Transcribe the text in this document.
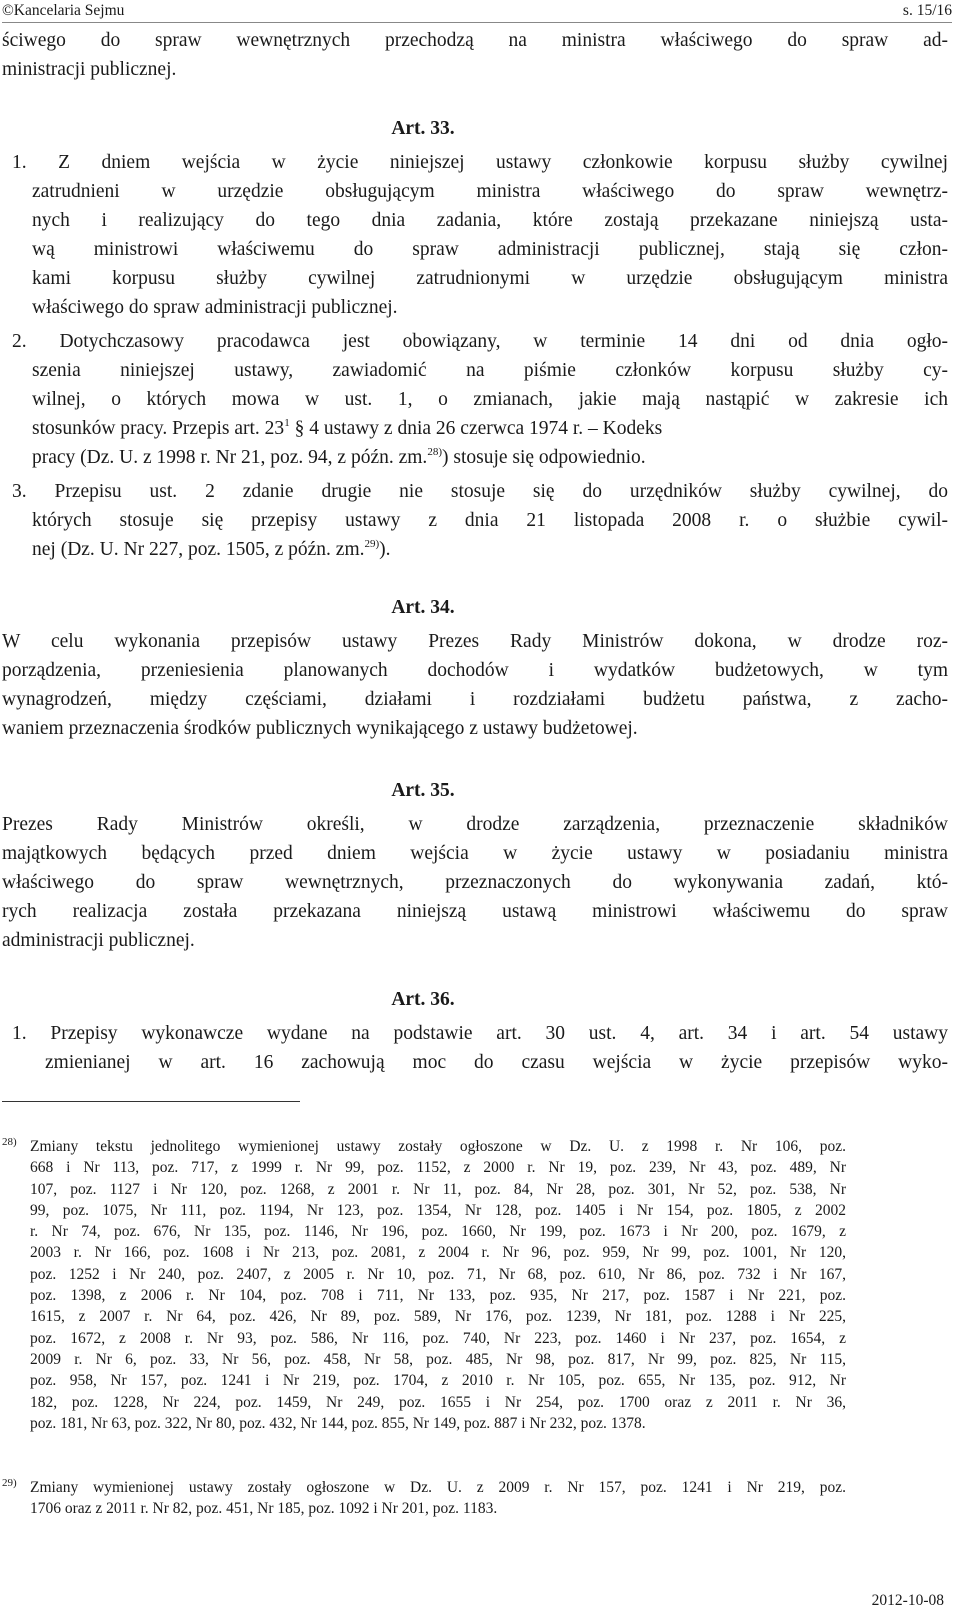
©Kancelaria Sejmu	s. 15/16
ściwego do spraw wewnętrznych przechodzą na ministra właściwego do spraw ad-
ministracji publicznej.
Art. 33.
1. Z dniem wejścia w życie niniejszej ustawy członkowie korpusu służby cywilnej
zatrudnieni w urzędzie obsługującym ministra właściwego do spraw wewnętrz-
nych i realizujący do tego dnia zadania, które zostają przekazane niniejszą usta-
wą ministrowi właściwemu do spraw administracji publicznej, stają się człon-
kami korpusu służby cywilnej zatrudnionymi w urzędzie obsługującym ministra
właściwego do spraw administracji publicznej.
2. Dotychczasowy pracodawca jest obowiązany, w terminie 14 dni od dnia ogło-
szenia niniejszej ustawy, zawiadomić na piśmie członków korpusu służby cy-
wilnej, o których mowa w ust. 1, o zmianach, jakie mają nastąpić w zakresie ich
stosunków pracy. Przepis art. $23^1$ § 4 ustawy z dnia 26 czerwca 1974 r. – Kodeks
pracy (Dz. U. z 1998 r. Nr 21, poz. 94, z późn. zm.$^{28)}$) stosuje się odpowiednio.
3. Przepisu ust. 2 zdanie drugie nie stosuje się do urzędników służby cywilnej, do
których stosuje się przepisy ustawy z dnia 21 listopada 2008 r. o służbie cywil-
nej (Dz. U. Nr 227, poz. 1505, z późn. zm.$^{29)}$).
Art. 34.
W celu wykonania przepisów ustawy Prezes Rady Ministrów dokona, w drodze roz-
porządzenia, przeniesienia planowanych dochodów i wydatków budżetowych, w tym
wynagrodzeń, między częściami, działami i rozdziałami budżetu państwa, z zacho-
waniem przeznaczenia środków publicznych wynikającego z ustawy budżetowej.
Art. 35.
Prezes Rady Ministrów określi, w drodze zarządzenia, przeznaczenie składników
majątkowych będących przed dniem wejścia w życie ustawy w posiadaniu ministra
właściwego do spraw wewnętrznych, przeznaczonych do wykonywania zadań, któ-
rych realizacja została przekazana niniejszą ustawą ministrowi właściwemu do spraw
administracji publicznej.
Art. 36.
1. Przepisy wykonawcze wydane na podstawie art. 30 ust. 4, art. 34 i art. 54 ustawy
zmienianej w art. 16 zachowują moc do czasu wejścia w życie przepisów wyko-
28) Zmiany tekstu jednolitego wymienionej ustawy zostały ogłoszone w Dz. U. z 1998 r. Nr 106, poz.
668 i Nr 113, poz. 717, z 1999 r. Nr 99, poz. 1152, z 2000 r. Nr 19, poz. 239, Nr 43, poz. 489, Nr
107, poz. 1127 i Nr 120, poz. 1268, z 2001 r. Nr 11, poz. 84, Nr 28, poz. 301, Nr 52, poz. 538, Nr
99, poz. 1075, Nr 111, poz. 1194, Nr 123, poz. 1354, Nr 128, poz. 1405 i Nr 154, poz. 1805, z 2002
r. Nr 74, poz. 676, Nr 135, poz. 1146, Nr 196, poz. 1660, Nr 199, poz. 1673 i Nr 200, poz. 1679, z
2003 r. Nr 166, poz. 1608 i Nr 213, poz. 2081, z 2004 r. Nr 96, poz. 959, Nr 99, poz. 1001, Nr 120,
poz. 1252 i Nr 240, poz. 2407, z 2005 r. Nr 10, poz. 71, Nr 68, poz. 610, Nr 86, poz. 732 i Nr 167,
poz. 1398, z 2006 r. Nr 104, poz. 708 i 711, Nr 133, poz. 935, Nr 217, poz. 1587 i Nr 221, poz.
1615, z 2007 r. Nr 64, poz. 426, Nr 89, poz. 589, Nr 176, poz. 1239, Nr 181, poz. 1288 i Nr 225,
poz. 1672, z 2008 r. Nr 93, poz. 586, Nr 116, poz. 740, Nr 223, poz. 1460 i Nr 237, poz. 1654, z
2009 r. Nr 6, poz. 33, Nr 56, poz. 458, Nr 58, poz. 485, Nr 98, poz. 817, Nr 99, poz. 825, Nr 115,
poz. 958, Nr 157, poz. 1241 i Nr 219, poz. 1704, z 2010 r. Nr 105, poz. 655, Nr 135, poz. 912, Nr
182, poz. 1228, Nr 224, poz. 1459, Nr 249, poz. 1655 i Nr 254, poz. 1700 oraz z 2011 r. Nr 36,
poz. 181, Nr 63, poz. 322, Nr 80, poz. 432, Nr 144, poz. 855, Nr 149, poz. 887 i Nr 232, poz. 1378.
29) Zmiany wymienionej ustawy zostały ogłoszone w Dz. U. z 2009 r. Nr 157, poz. 1241 i Nr 219, poz.
1706 oraz z 2011 r. Nr 82, poz. 451, Nr 185, poz. 1092 i Nr 201, poz. 1183.
2012-10-08
